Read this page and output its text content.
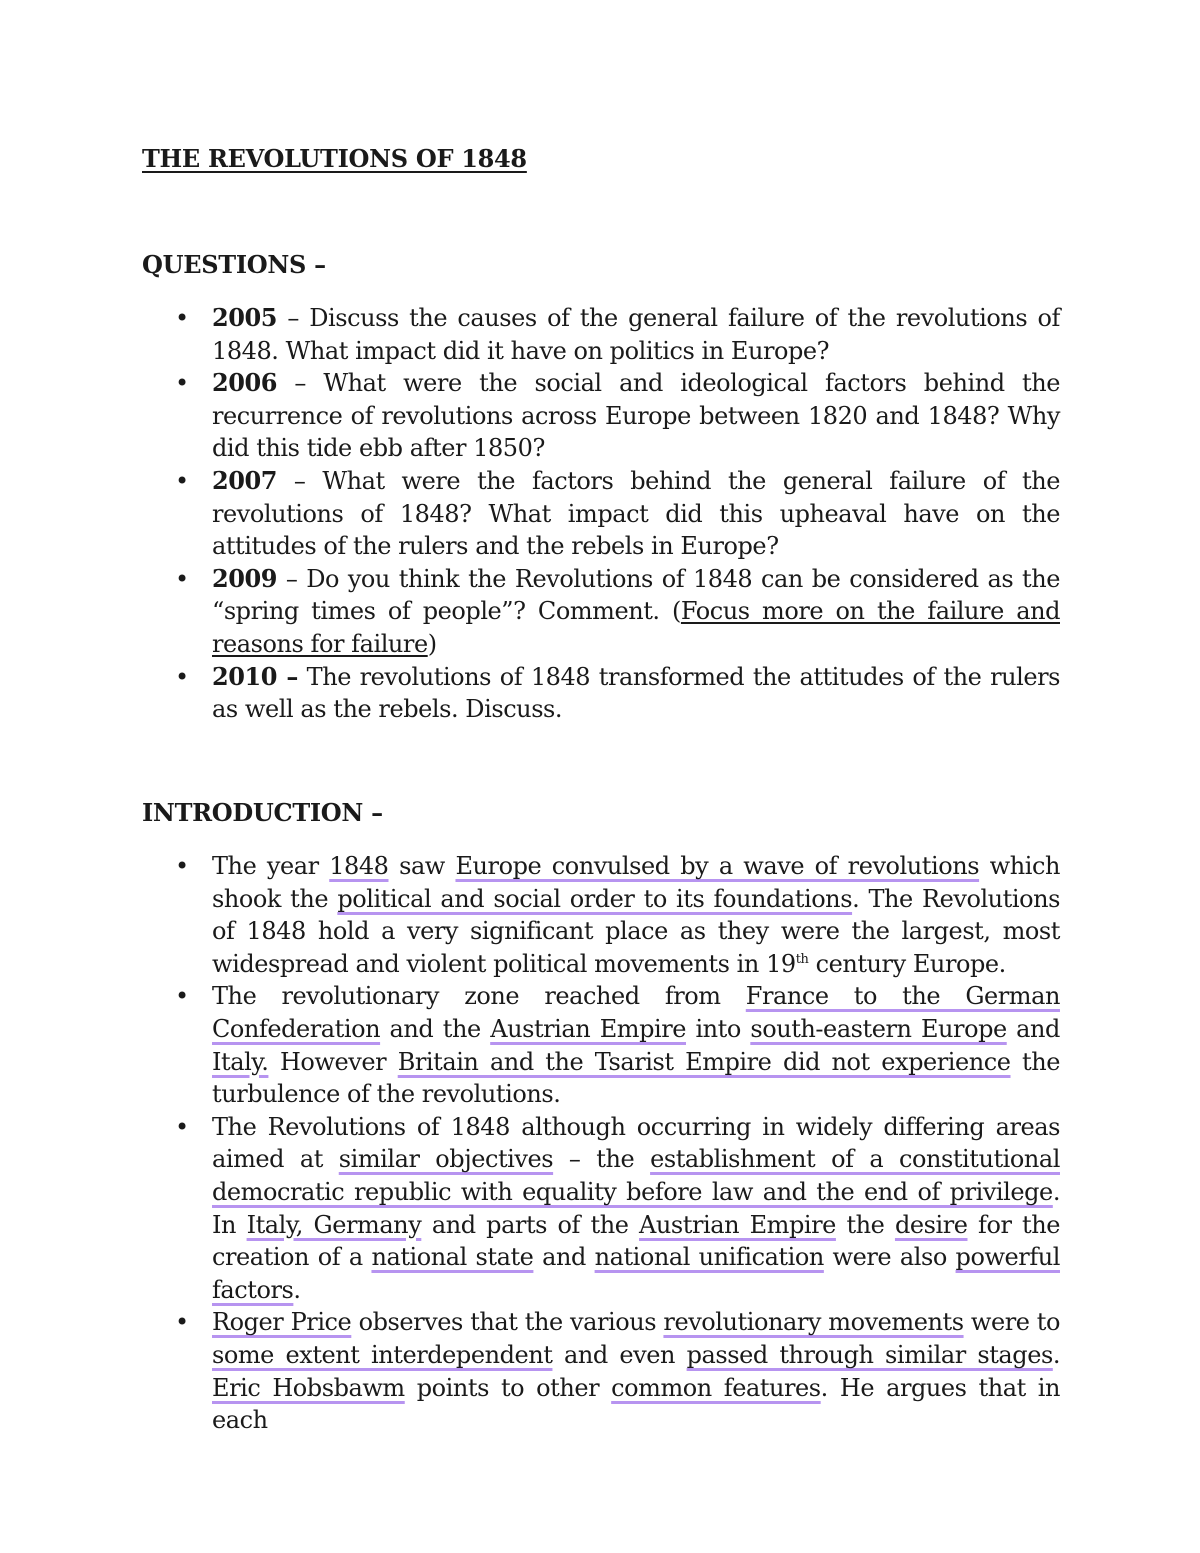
THE REVOLUTIONS OF 1848
QUESTIONS –
• 2005 – Discuss the causes of the general failure of the revolutions of 1848. What impact did it have on politics in Europe?
• 2006 – What were the social and ideological factors behind the recurrence of revolutions across Europe between 1820 and 1848? Why did this tide ebb after 1850?
• 2007 – What were the factors behind the general failure of the revolutions of 1848? What impact did this upheaval have on the attitudes of the rulers and the rebels in Europe?
• 2009 – Do you think the Revolutions of 1848 can be considered as the “spring times of people”? Comment. (Focus more on the failure and reasons for failure)
• 2010 – The revolutions of 1848 transformed the attitudes of the rulers as well as the rebels. Discuss.
INTRODUCTION –
• The year 1848 saw Europe convulsed by a wave of revolutions which shook the political and social order to its foundations. The Revolutions of 1848 hold a very significant place as they were the largest, most widespread and violent political movements in 19th century Europe.
• The revolutionary zone reached from France to the German Confederation and the Austrian Empire into south-eastern Europe and Italy. However Britain and the Tsarist Empire did not experience the turbulence of the revolutions.
• The Revolutions of 1848 although occurring in widely differing areas aimed at similar objectives – the establishment of a constitutional democratic republic with equality before law and the end of privilege. In Italy, Germany and parts of the Austrian Empire the desire for the creation of a national state and national unification were also powerful factors.
• Roger Price observes that the various revolutionary movements were to some extent interdependent and even passed through similar stages. Eric Hobsbawm points to other common features. He argues that in each
